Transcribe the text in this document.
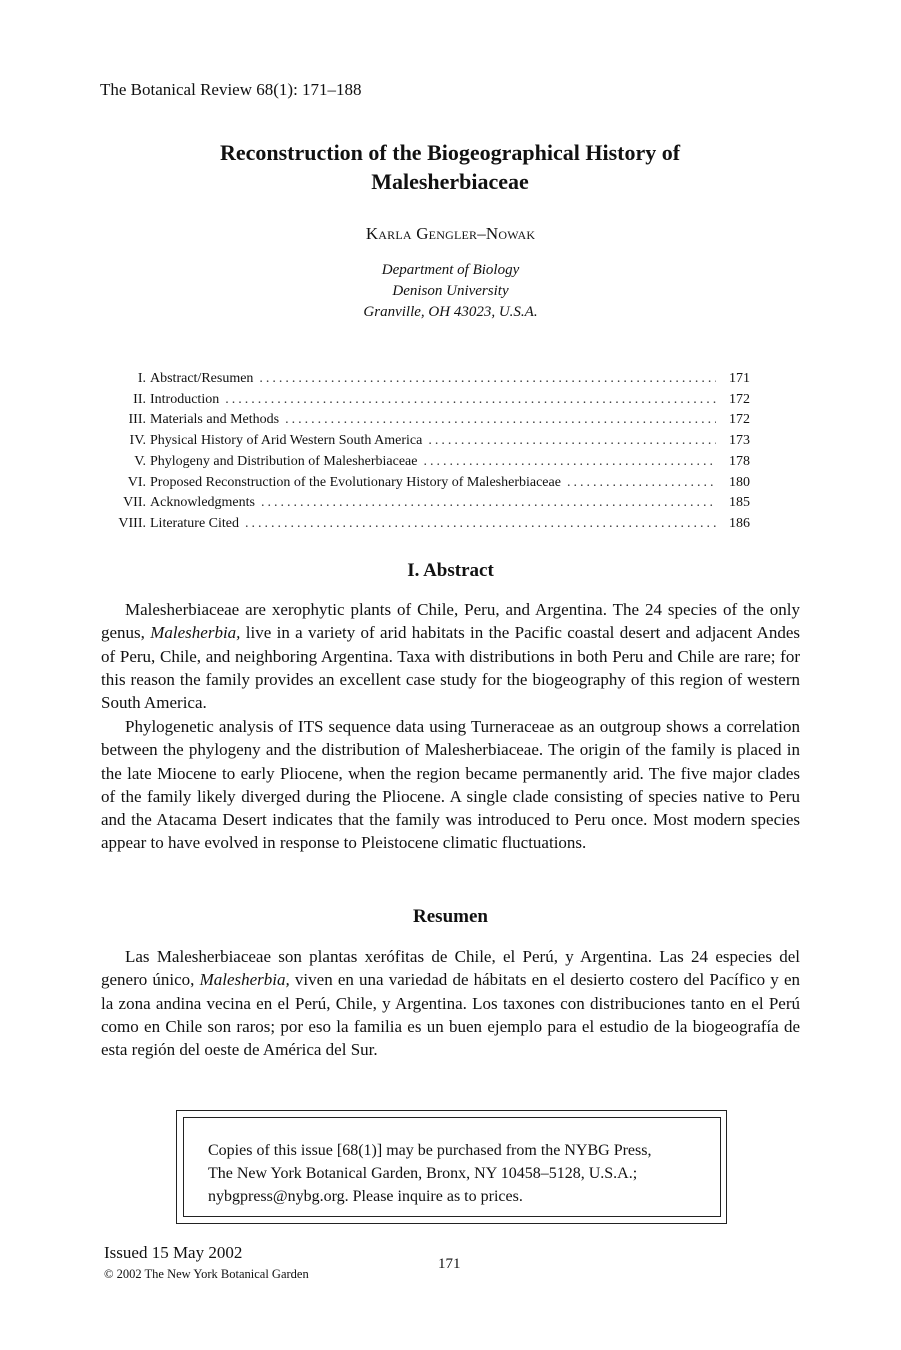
The Botanical Review 68(1): 171–188
Reconstruction of the Biogeographical History of
Malesherbiaceae
Karla Gengler–Nowak
Department of Biology
Denison University
Granville, OH 43023, U.S.A.
I. Abstract/Resumen .....	171
II. Introduction .....	172
III. Materials and Methods .....	172
IV. Physical History of Arid Western South America .....	173
V. Phylogeny and Distribution of Malesherbiaceae .....	178
VI. Proposed Reconstruction of the Evolutionary History of Malesherbiaceae .....	180
VII. Acknowledgments .....	185
VIII. Literature Cited .....	186
I. Abstract

Malesherbiaceae are xerophytic plants of Chile, Peru, and Argentina. The 24 species of the only genus, Malesherbia, live in a variety of arid habitats in the Pacific coastal desert and adjacent Andes of Peru, Chile, and neighboring Argentina. Taxa with distributions in both Peru and Chile are rare; for this reason the family provides an excellent case study for the biogeography of this region of western South America.

Phylogenetic analysis of ITS sequence data using Turneraceae as an outgroup shows a correlation between the phylogeny and the distribution of Malesherbiaceae. The origin of the family is placed in the late Miocene to early Pliocene, when the region became permanently arid. The five major clades of the family likely diverged during the Pliocene. A single clade consisting of species native to Peru and the Atacama Desert indicates that the family was introduced to Peru once. Most modern species appear to have evolved in response to Pleistocene climatic fluctuations.

Resumen

Las Malesherbiaceae son plantas xerófitas de Chile, el Perú, y Argentina. Las 24 especies del genero único, Malesherbia, viven en una variedad de hábitats en el desierto costero del Pacífico y en la zona andina vecina en el Perú, Chile, y Argentina. Los taxones con distribuciones tanto en el Perú como en Chile son raros; por eso la familia es un buen ejemplo para el estudio de la biogeografía de esta región del oeste de América del Sur.

Copies of this issue [68(1)] may be purchased from the NYBG Press,
The New York Botanical Garden, Bronx, NY 10458–5128, U.S.A.;
nybgpress@nybg.org. Please inquire as to prices.
Issued 15 May 2002
© 2002 The New York Botanical Garden
171
